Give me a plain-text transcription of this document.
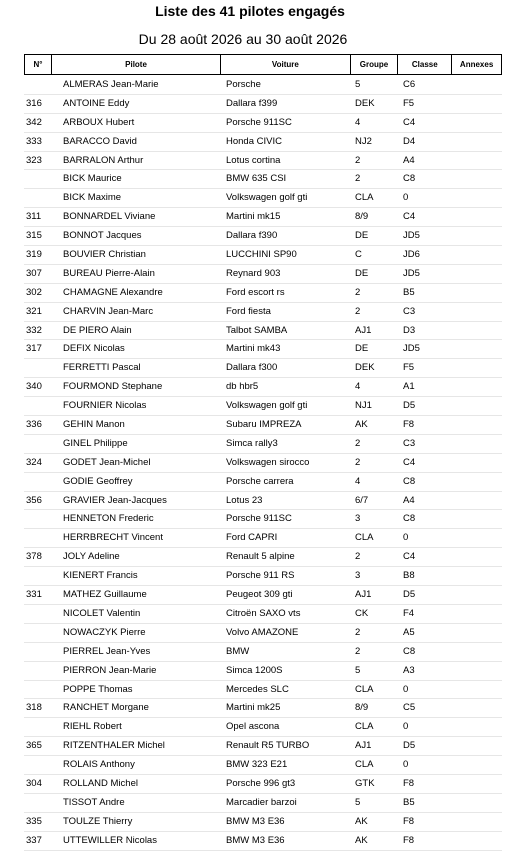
Liste des 41 pilotes engagés
Du 28 août 2026 au 30 août 2026
N°	Pilote	Voiture	Groupe	Classe	Annexes
ALMERAS Jean-Marie	Porsche	5	C6
316 ANTOINE Eddy	Dallara f399	DEK	F5
342 ARBOUX Hubert	Porsche 911SC	4	C4
333 BARACCO David	Honda CIVIC	NJ2	D4
323 BARRALON Arthur	Lotus cortina	2	A4
BICK Maurice	BMW 635 CSI	2	C8
BICK Maxime	Volkswagen golf gti	CLA	0
311 BONNARDEL Viviane	Martini mk15	8/9	C4
315 BONNOT Jacques	Dallara f390	DE	JD5
319 BOUVIER Christian	LUCCHINI SP90	C	JD6
307 BUREAU Pierre-Alain	Reynard 903	DE	JD5
302 CHAMAGNE Alexandre	Ford escort rs	2	B5
321 CHARVIN Jean-Marc	Ford fiesta	2	C3
332 DE PIERO Alain	Talbot SAMBA	AJ1	D3
317 DEFIX Nicolas	Martini mk43	DE	JD5
FERRETTI Pascal	Dallara f300	DEK	F5
340 FOURMOND Stephane	db hbr5	4	A1
FOURNIER Nicolas	Volkswagen golf gti	NJ1	D5
336 GEHIN Manon	Subaru IMPREZA	AK	F8
GINEL Philippe	Simca rally3	2	C3
324 GODET Jean-Michel	Volkswagen sirocco	2	C4
GODIE Geoffrey	Porsche carrera	4	C8
356 GRAVIER Jean-Jacques	Lotus 23	6/7	A4
HENNETON Frederic	Porsche 911SC	3	C8
HERRBRECHT Vincent	Ford CAPRI	CLA	0
378 JOLY Adeline	Renault 5 alpine	2	C4
KIENERT Francis	Porsche 911 RS	3	B8
331 MATHEZ Guillaume	Peugeot 309 gti	AJ1	D5
NICOLET Valentin	Citroën SAXO vts	CK	F4
NOWACZYK Pierre	Volvo AMAZONE	2	A5
PIERREL Jean-Yves	BMW	2	C8
PIERRON Jean-Marie	Simca 1200S	5	A3
POPPE Thomas	Mercedes SLC	CLA	0
318 RANCHET Morgane	Martini mk25	8/9	C5
RIEHL Robert	Opel ascona	CLA	0
365 RITZENTHALER Michel	Renault R5 TURBO	AJ1	D5
ROLAIS Anthony	BMW 323 E21	CLA	0
304 ROLLAND Michel	Porsche 996 gt3	GTK	F8
TISSOT Andre	Marcadier barzoi	5	B5
335 TOULZE Thierry	BMW M3 E36	AK	F8
337 UTTEWILLER Nicolas	BMW M3 E36	AK	F8
